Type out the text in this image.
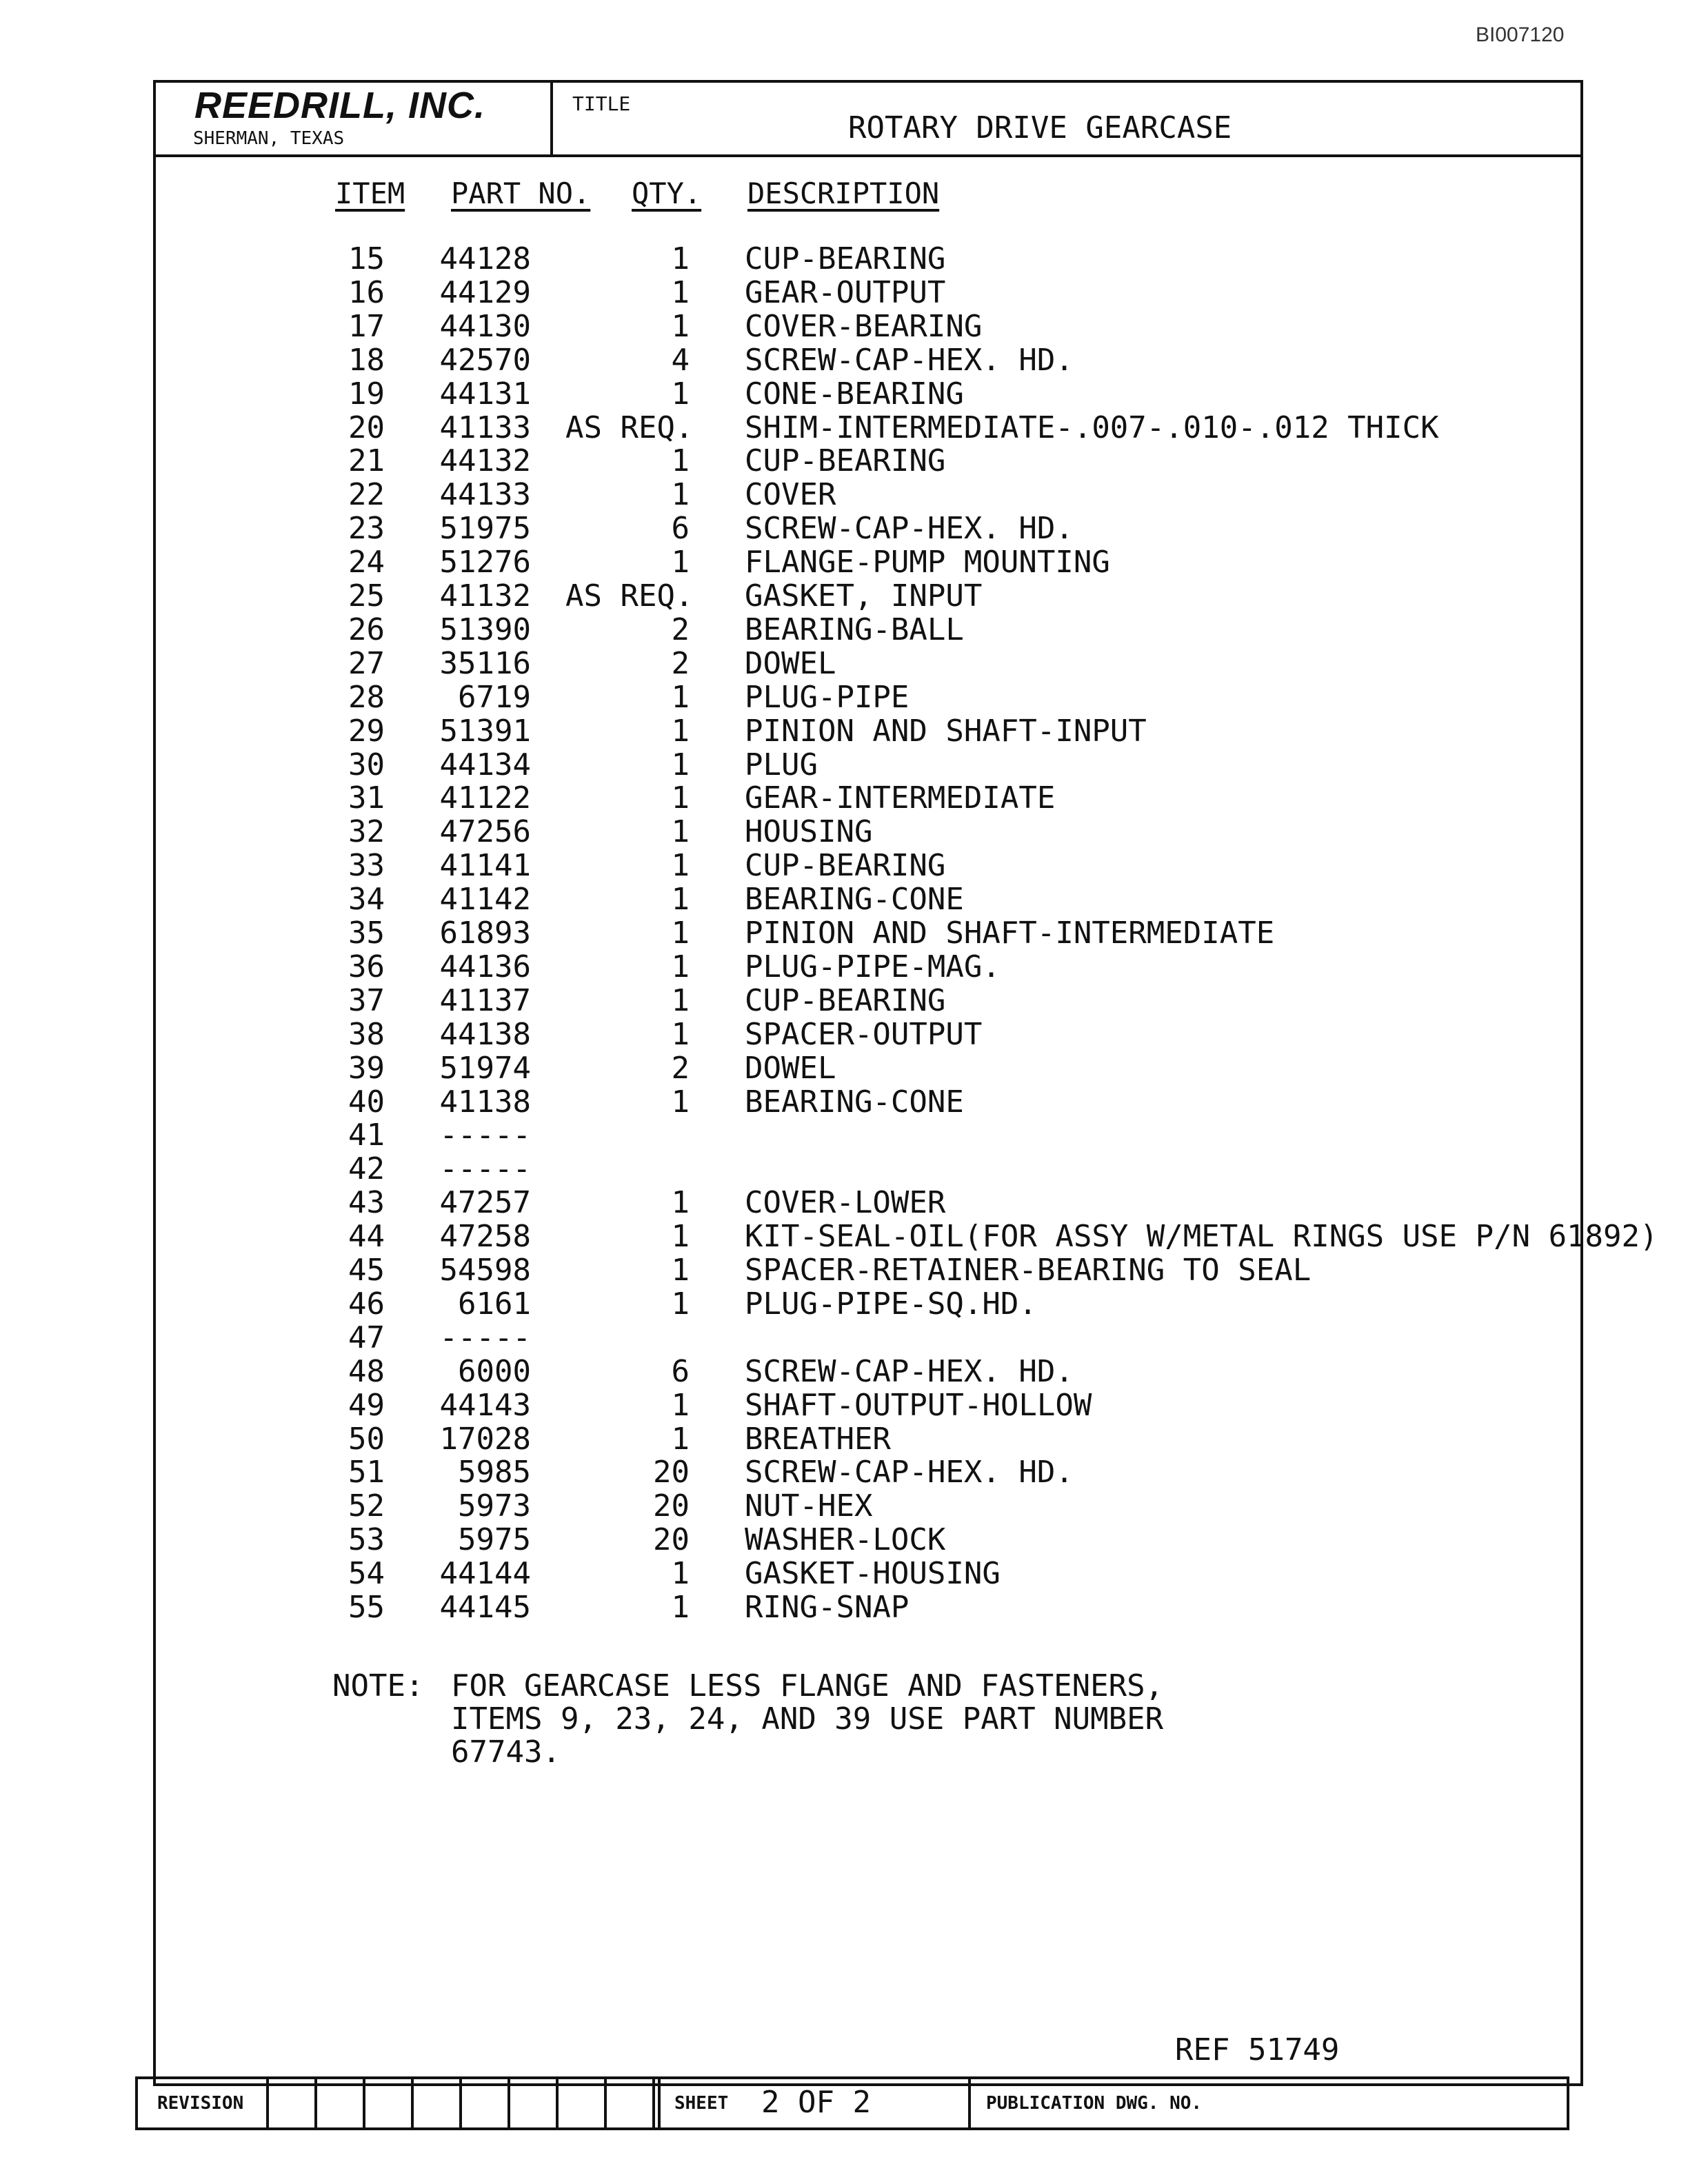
BI007120
REEDRILL, INC.
SHERMAN, TEXAS
TITLE
ROTARY DRIVE GEARCASE
ITEM PART NO. QTY. DESCRIPTION
15	44128	1 CUP-BEARING
16	44129	1 GEAR-OUTPUT
17	44130	1 COVER-BEARING
18	42570	4 SCREW-CAP-HEX. HD.
19	44131	1 CONE-BEARING
20	41133 AS REQ. SHIM-INTERMEDIATE-.007-.010-.012 THICK
21	44132	1 CUP-BEARING
22	44133	1 COVER
23	51975	6 SCREW-CAP-HEX. HD.
24	51276	1 FLANGE-PUMP MOUNTING
25	41132 AS REQ. GASKET, INPUT
26	51390	2 BEARING-BALL
27	35116	2 DOWEL
28	6719	1 PLUG-PIPE
29	51391	1 PINION AND SHAFT-INPUT
30	44134	1 PLUG
31	41122	1 GEAR-INTERMEDIATE
32	47256	1 HOUSING
33	41141	1 CUP-BEARING
34	41142	1 BEARING-CONE
35	61893	1 PINION AND SHAFT-INTERMEDIATE
36	44136	1 PLUG-PIPE-MAG.
37	41137	1 CUP-BEARING
38	44138	1 SPACER-OUTPUT
39	51974	2 DOWEL
40	41138	1 BEARING-CONE
41	-----
42	-----
43	47257	1 COVER-LOWER
44	47258	1 KIT-SEAL-OIL(FOR ASSY W/METAL RINGS USE P/N 61892)
45	54598	1 SPACER-RETAINER-BEARING TO SEAL
46	6161	1 PLUG-PIPE-SQ.HD.
47	-----
48	6000	6 SCREW-CAP-HEX. HD.
49	44143	1 SHAFT-OUTPUT-HOLLOW
50	17028	1 BREATHER
51	5985	20 SCREW-CAP-HEX. HD.
52	5973	20 NUT-HEX
53	5975	20 WASHER-LOCK
54	44144	1 GASKET-HOUSING
55	44145	1 RING-SNAP
NOTE: FOR GEARCASE LESS FLANGE AND FASTENERS,
ITEMS 9, 23, 24, AND 39 USE PART NUMBER
67743.
REF 51749
REVISION	SHEET 2 OF 2	PUBLICATION DWG. NO.
